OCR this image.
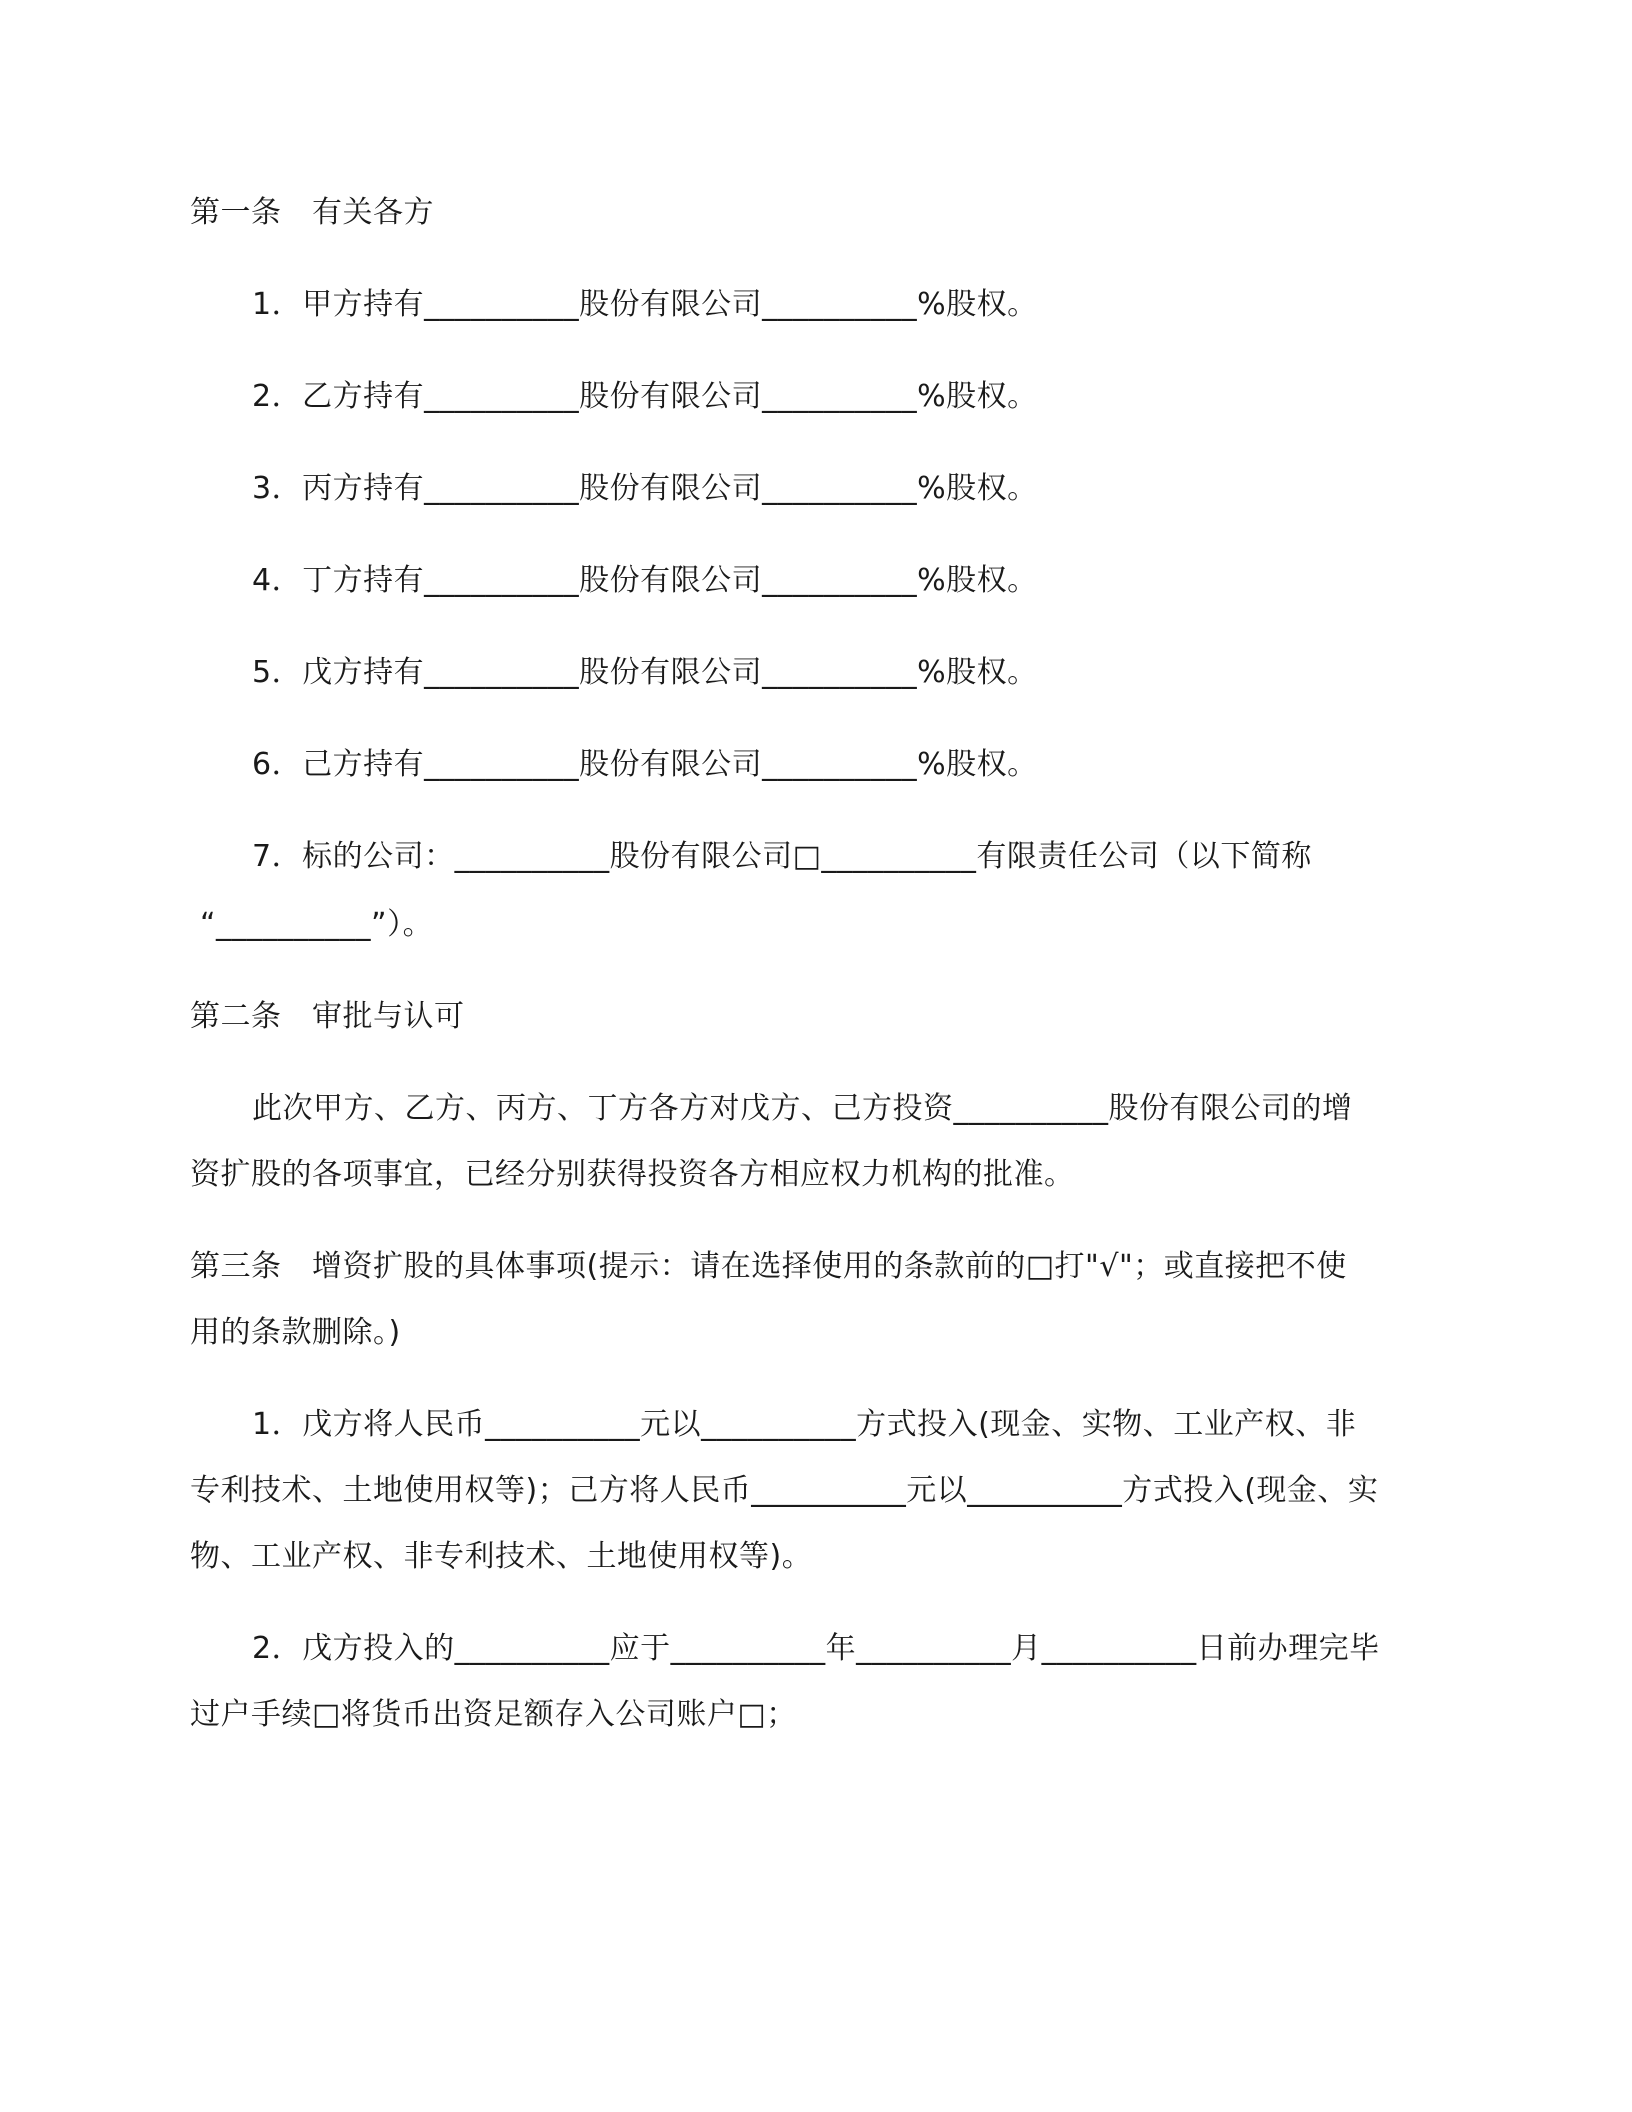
第一条　有关各方
1．甲方持有__________股份有限公司__________%股权。
2．乙方持有__________股份有限公司__________%股权。
3．丙方持有__________股份有限公司__________%股权。
4．丁方持有__________股份有限公司__________%股权。
5．戊方持有__________股份有限公司__________%股权。
6．己方持有__________股份有限公司__________%股权。
7．标的公司：__________股份有限公司□__________有限责任公司（以下简称
“__________”）。
第二条　审批与认可
此次甲方、乙方、丙方、丁方各方对戊方、己方投资__________股份有限公司的增
资扩股的各项事宜，已经分别获得投资各方相应权力机构的批准。
第三条　增资扩股的具体事项(提示：请在选择使用的条款前的□打"√"；或直接把不使
用的条款删除。)
1．戊方将人民币__________元以__________方式投入(现金、实物、工业产权、非
专利技术、土地使用权等)；己方将人民币__________元以__________方式投入(现金、实
物、工业产权、非专利技术、土地使用权等)。
2．戊方投入的__________应于__________年__________月__________日前办理完毕
过户手续□将货币出资足额存入公司账户□；
